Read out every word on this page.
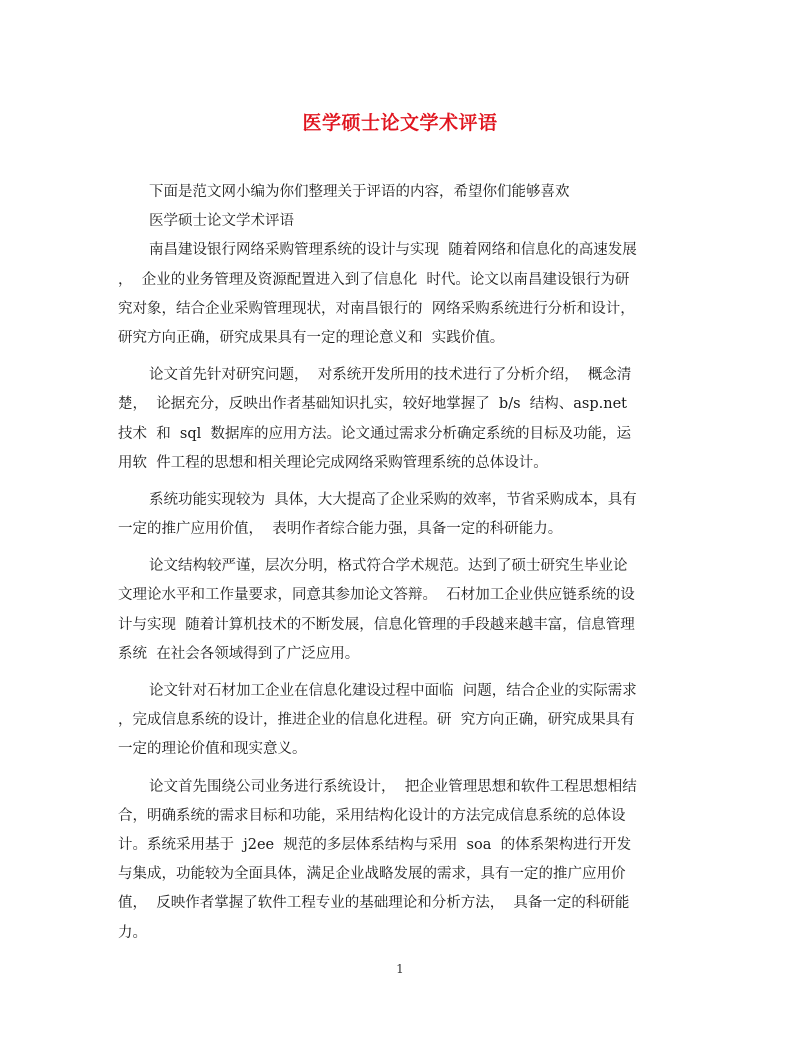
医学硕士论文学术评语
下面是范文网小编为你们整理关于评语的内容，希望你们能够喜欢
医学硕士论文学术评语
南昌建设银行网络采购管理系统的设计与实现  随着网络和信息化的高速发展
，  企业的业务管理及资源配置进入到了信息化  时代。论文以南昌建设银行为研
究对象，结合企业采购管理现状，对南昌银行的  网络采购系统进行分析和设计，
研究方向正确，研究成果具有一定的理论意义和  实践价值。
论文首先针对研究问题，  对系统开发所用的技术进行了分析介绍，  概念清
楚，  论据充分，反映出作者基础知识扎实，较好地掌握了  b/s  结构、asp.net
技术  和  sql  数据库的应用方法。论文通过需求分析确定系统的目标及功能，运
用软  件工程的思想和相关理论完成网络采购管理系统的总体设计。
系统功能实现较为  具体，大大提高了企业采购的效率，节省采购成本，具有
一定的推广应用价值，  表明作者综合能力强，具备一定的科研能力。
论文结构较严谨，层次分明，格式符合学术规范。达到了硕士研究生毕业论
文理论水平和工作量要求，同意其参加论文答辩。  石材加工企业供应链系统的设
计与实现  随着计算机技术的不断发展，信息化管理的手段越来越丰富，信息管理
系统  在社会各领域得到了广泛应用。
论文针对石材加工企业在信息化建设过程中面临  问题，结合企业的实际需求
，完成信息系统的设计，推进企业的信息化进程。研  究方向正确，研究成果具有
一定的理论价值和现实意义。
论文首先围绕公司业务进行系统设计，  把企业管理思想和软件工程思想相结
合，明确系统的需求目标和功能，采用结构化设计的方法完成信息系统的总体设
计。系统采用基于  j2ee  规范的多层体系结构与采用  soa  的体系架构进行开发
与集成，功能较为全面具体，满足企业战略发展的需求，具有一定的推广应用价
值，  反映作者掌握了软件工程专业的基础理论和分析方法，  具备一定的科研能
力。
1
